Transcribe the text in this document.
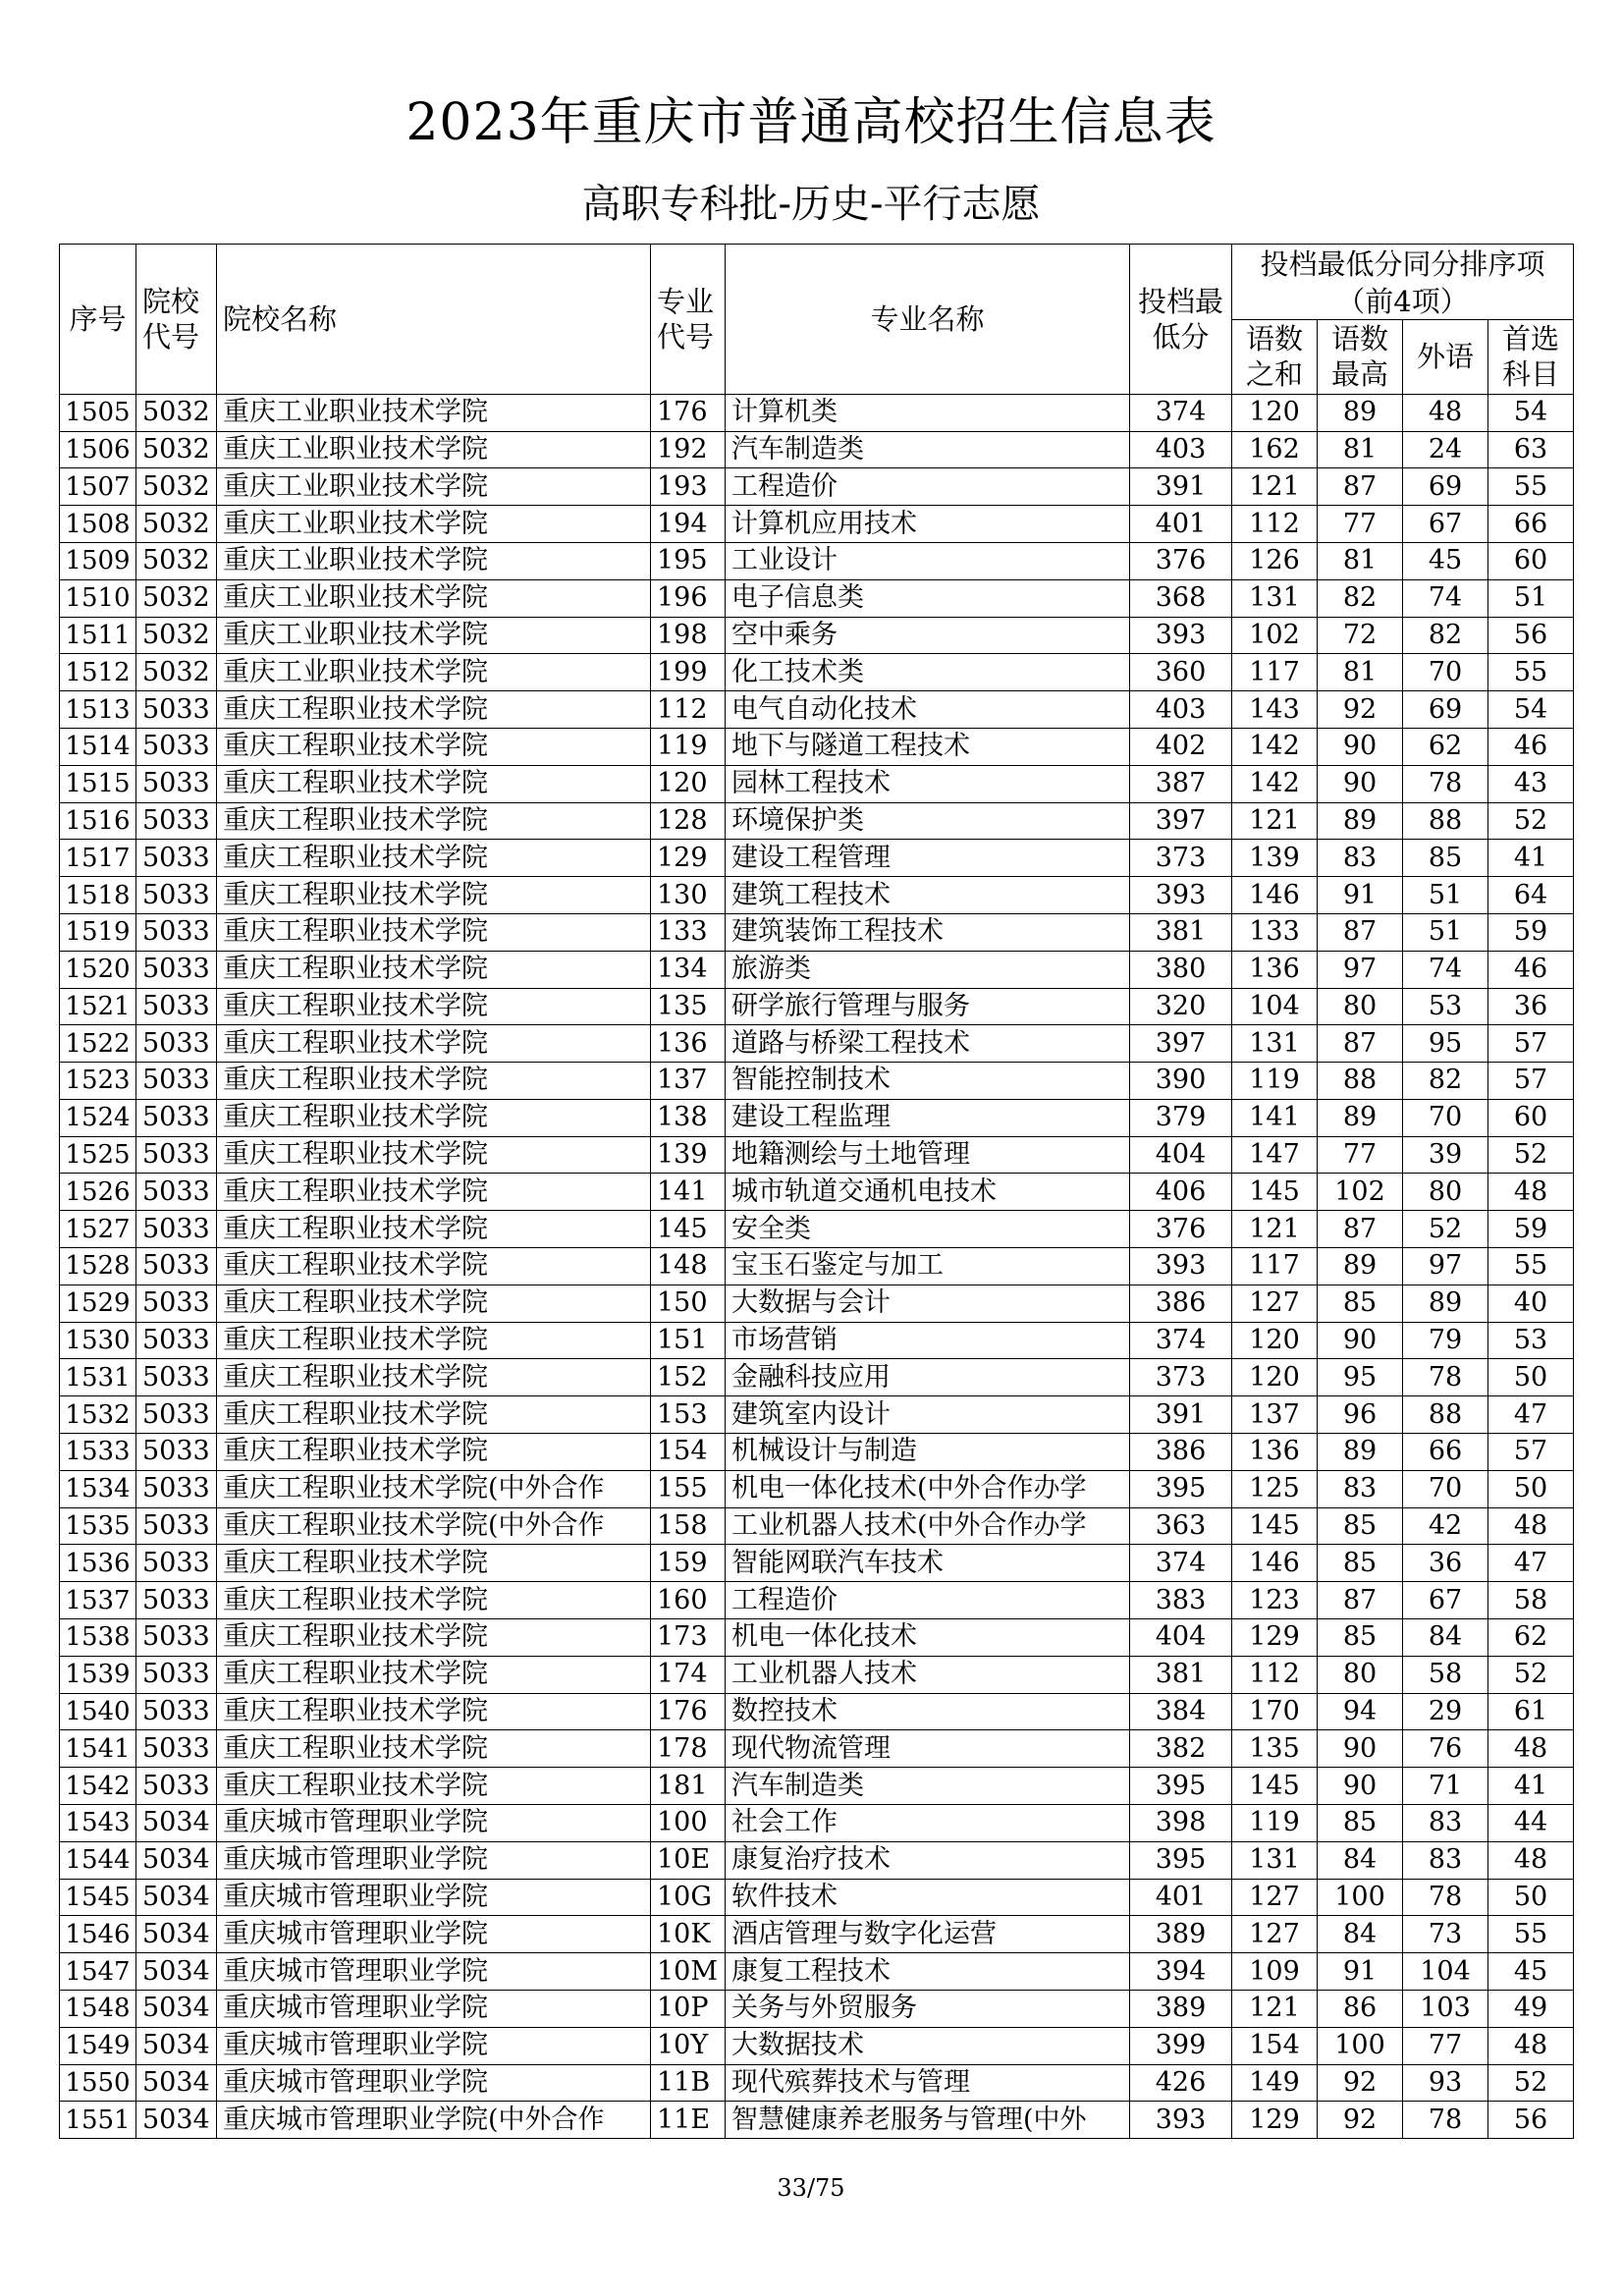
2023年重庆市普通高校招生信息表
高职专科批-历史-平行志愿
序号	院校代号	院校名称	专业代号	专业名称	投档最低分	投档最低分同分排序项			
						（前4项）			
						语数之和	语数最高	外语	首选科目
1505	5032	重庆工业职业技术学院	176	计算机类	374	120	89	48	54
1506	5032	重庆工业职业技术学院	192	汽车制造类	403	162	81	24	63
1507	5032	重庆工业职业技术学院	193	工程造价	391	121	87	69	55
1508	5032	重庆工业职业技术学院	194	计算机应用技术	401	112	77	67	66
1509	5032	重庆工业职业技术学院	195	工业设计	376	126	81	45	60
1510	5032	重庆工业职业技术学院	196	电子信息类	368	131	82	74	51
1511	5032	重庆工业职业技术学院	198	空中乘务	393	102	72	82	56
1512	5032	重庆工业职业技术学院	199	化工技术类	360	117	81	70	55
1513	5033	重庆工程职业技术学院	112	电气自动化技术	403	143	92	69	54
1514	5033	重庆工程职业技术学院	119	地下与隧道工程技术	402	142	90	62	46
1515	5033	重庆工程职业技术学院	120	园林工程技术	387	142	90	78	43
1516	5033	重庆工程职业技术学院	128	环境保护类	397	121	89	88	52
1517	5033	重庆工程职业技术学院	129	建设工程管理	373	139	83	85	41
1518	5033	重庆工程职业技术学院	130	建筑工程技术	393	146	91	51	64
1519	5033	重庆工程职业技术学院	133	建筑装饰工程技术	381	133	87	51	59
1520	5033	重庆工程职业技术学院	134	旅游类	380	136	97	74	46
1521	5033	重庆工程职业技术学院	135	研学旅行管理与服务	320	104	80	53	36
1522	5033	重庆工程职业技术学院	136	道路与桥梁工程技术	397	131	87	95	57
1523	5033	重庆工程职业技术学院	137	智能控制技术	390	119	88	82	57
1524	5033	重庆工程职业技术学院	138	建设工程监理	379	141	89	70	60
1525	5033	重庆工程职业技术学院	139	地籍测绘与土地管理	404	147	77	39	52
1526	5033	重庆工程职业技术学院	141	城市轨道交通机电技术	406	145	102	80	48
1527	5033	重庆工程职业技术学院	145	安全类	376	121	87	52	59
1528	5033	重庆工程职业技术学院	148	宝玉石鉴定与加工	393	117	89	97	55
1529	5033	重庆工程职业技术学院	150	大数据与会计	386	127	85	89	40
1530	5033	重庆工程职业技术学院	151	市场营销	374	120	90	79	53
1531	5033	重庆工程职业技术学院	152	金融科技应用	373	120	95	78	50
1532	5033	重庆工程职业技术学院	153	建筑室内设计	391	137	96	88	47
1533	5033	重庆工程职业技术学院	154	机械设计与制造	386	136	89	66	57
1534	5033	重庆工程职业技术学院(中外合作	155	机电一体化技术(中外合作办学	395	125	83	70	50
1535	5033	重庆工程职业技术学院(中外合作	158	工业机器人技术(中外合作办学	363	145	85	42	48
1536	5033	重庆工程职业技术学院	159	智能网联汽车技术	374	146	85	36	47
1537	5033	重庆工程职业技术学院	160	工程造价	383	123	87	67	58
1538	5033	重庆工程职业技术学院	173	机电一体化技术	404	129	85	84	62
1539	5033	重庆工程职业技术学院	174	工业机器人技术	381	112	80	58	52
1540	5033	重庆工程职业技术学院	176	数控技术	384	170	94	29	61
1541	5033	重庆工程职业技术学院	178	现代物流管理	382	135	90	76	48
1542	5033	重庆工程职业技术学院	181	汽车制造类	395	145	90	71	41
1543	5034	重庆城市管理职业学院	100	社会工作	398	119	85	83	44
1544	5034	重庆城市管理职业学院	10E	康复治疗技术	395	131	84	83	48
1545	5034	重庆城市管理职业学院	10G	软件技术	401	127	100	78	50
1546	5034	重庆城市管理职业学院	10K	酒店管理与数字化运营	389	127	84	73	55
1547	5034	重庆城市管理职业学院	10M	康复工程技术	394	109	91	104	45
1548	5034	重庆城市管理职业学院	10P	关务与外贸服务	389	121	86	103	49
1549	5034	重庆城市管理职业学院	10Y	大数据技术	399	154	100	77	48
1550	5034	重庆城市管理职业学院	11B	现代殡葬技术与管理	426	149	92	93	52
1551	5034	重庆城市管理职业学院(中外合作	11E	智慧健康养老服务与管理(中外	393	129	92	78	56
33/75
